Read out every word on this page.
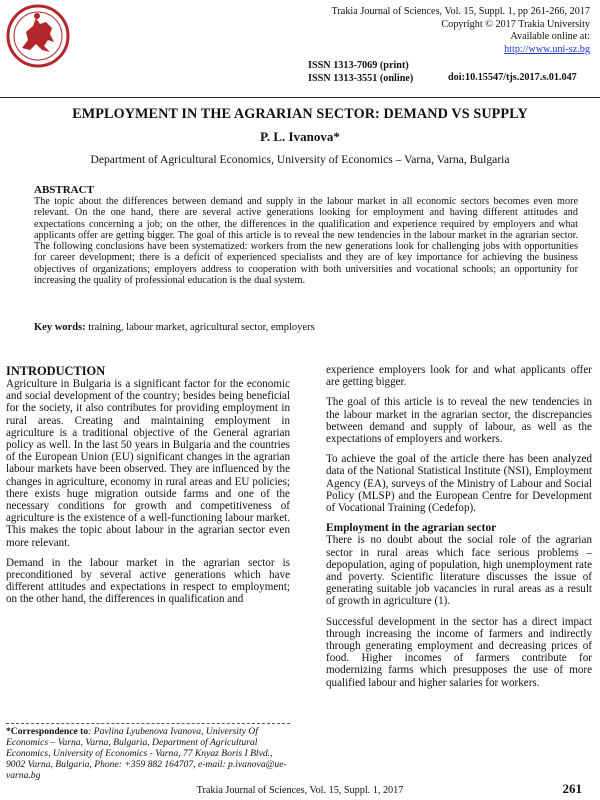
Trakia Journal of Sciences, Vol. 15, Suppl. 1, pp 261-266, 2017
Copyright © 2017 Trakia University
Available online at:
http://www.uni-sz.bg
ISSN 1313-7069 (print)
ISSN 1313-3551 (online)	doi:10.15547/tjs.2017.s.01.047
EMPLOYMENT IN THE AGRARIAN SECTOR: DEMAND VS SUPPLY
P. L. Ivanova*
Department of Agricultural Economics, University of Economics – Varna, Varna, Bulgaria
ABSTRACT
The topic about the differences between demand and supply in the labour market in all economic sectors becomes even more relevant. On the one hand, there are several active generations looking for employment and having different attitudes and expectations concerning a job; on the other, the differences in the qualification and experience required by employers and what applicants offer are getting bigger. The goal of this article is to reveal the new tendencies in the labour market in the agrarian sector. The following conclusions have been systematized: workers from the new generations look for challenging jobs with opportunities for career development; there is a deficit of experienced specialists and they are of key importance for achieving the business objectives of organizations; employers address to cooperation with both universities and vocational schools; an opportunity for increasing the quality of professional education is the dual system.
Key words: training, labour market, agricultural sector, employers
INTRODUCTION

Agriculture in Bulgaria is a significant factor for the economic and social development of the country; besides being beneficial for the society, it also contributes for providing employment in rural areas. Creating and maintaining employment in agriculture is a traditional objective of the General agrarian policy as well. In the last 50 years in Bulgaria and the countries of the European Union (EU) significant changes in the agrarian labour markets have been observed. They are influenced by the changes in agriculture, economy in rural areas and EU policies; there exists huge migration outside farms and one of the necessary conditions for growth and competitiveness of agriculture is the existence of a well-functioning labour market. This makes the topic about labour in the agrarian sector even more relevant.

Demand in the labour market in the agrarian sector is preconditioned by several active generations which have different attitudes and expectations in respect to employment; on the other hand, the differences in qualification and

experience employers look for and what applicants offer are getting bigger.

The goal of this article is to reveal the new tendencies in the labour market in the agrarian sector, the discrepancies between demand and supply of labour, as well as the expectations of employers and workers.

To achieve the goal of the article there has been analyzed data of the National Statistical Institute (NSI), Employment Agency (EA), surveys of the Ministry of Labour and Social Policy (MLSP) and the European Centre for Development of Vocational Training (Cedefop).

Employment in the agrarian sector

There is no doubt about the social role of the agrarian sector in rural areas which face serious problems – depopulation, aging of population, high unemployment rate and poverty. Scientific literature discusses the issue of generating suitable job vacancies in rural areas as a result of growth in agriculture (1).

Successful development in the sector has a direct impact through increasing the income of farmers and indirectly through generating employment and decreasing prices of food. Higher incomes of farmers contribute for modernizing farms which presupposes the use of more qualified labour and higher salaries for workers.

*Correspondence to: Pavlina Lyubenova Ivanova, University Of Economics – Varna, Varna, Bulgaria, Department of Agricultural Economics, University of Economics - Varna, 77 Knyaz Boris I Blvd., 9002 Varna, Bulgaria, Phone: +359 882 164707, e-mail: p.ivanova@ue-varna.bg
Trakia Journal of Sciences, Vol. 15, Suppl. 1, 2017	261
